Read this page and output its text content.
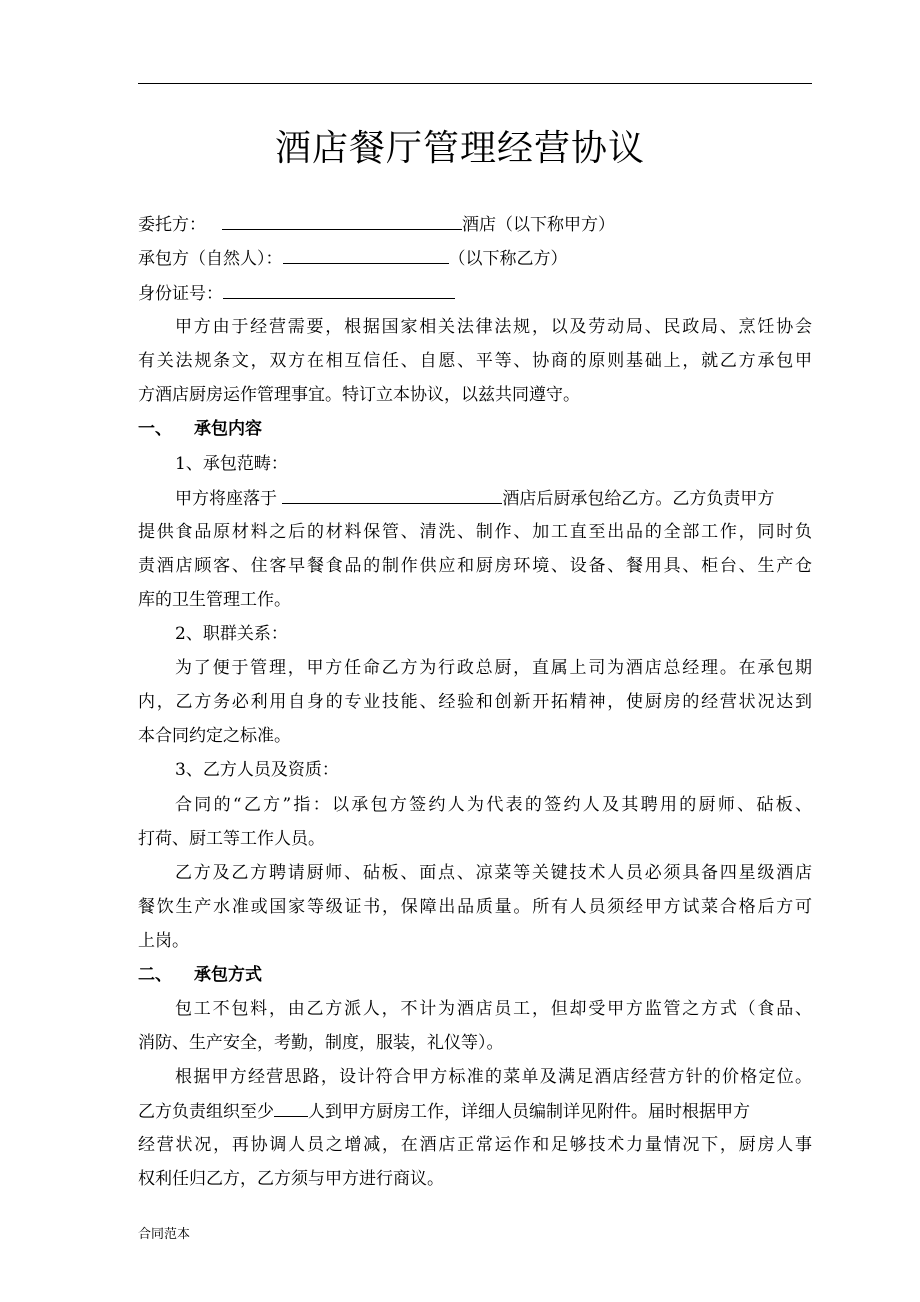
酒店餐厅管理经营协议
委托方：	酒店（以下称甲方）
承包方（自然人）：	（以下称乙方）
身份证号：
甲方由于经营需要，根据国家相关法律法规，以及劳动局、民政局、烹饪协会
有关法规条文，双方在相互信任、自愿、平等、协商的原则基础上，就乙方承包甲
方酒店厨房运作管理事宜。特订立本协议，以兹共同遵守。
一、 承包内容
1、承包范畴：
甲方将座落于	酒店后厨承包给乙方。乙方负责甲方
提供食品原材料之后的材料保管、清洗、制作、加工直至出品的全部工作，同时负
责酒店顾客、住客早餐食品的制作供应和厨房环境、设备、餐用具、柜台、生产仓
库的卫生管理工作。
2、职群关系：
为了便于管理，甲方任命乙方为行政总厨，直属上司为酒店总经理。在承包期
内，乙方务必利用自身的专业技能、经验和创新开拓精神，使厨房的经营状况达到
本合同约定之标准。
3、乙方人员及资质：
合同的“乙方”指：以承包方签约人为代表的签约人及其聘用的厨师、砧板、
打荷、厨工等工作人员。
乙方及乙方聘请厨师、砧板、面点、凉菜等关键技术人员必须具备四星级酒店
餐饮生产水准或国家等级证书，保障出品质量。所有人员须经甲方试菜合格后方可
上岗。
二、 承包方式
包工不包料，由乙方派人，不计为酒店员工，但却受甲方监管之方式（食品、
消防、生产安全，考勤，制度，服装，礼仪等）。
根据甲方经营思路，设计符合甲方标准的菜单及满足酒店经营方针的价格定位。
乙方负责组织至少 人到甲方厨房工作，详细人员编制详见附件。届时根据甲方
经营状况，再协调人员之增减，在酒店正常运作和足够技术力量情况下，厨房人事
权利任归乙方，乙方须与甲方进行商议。
合同范本
